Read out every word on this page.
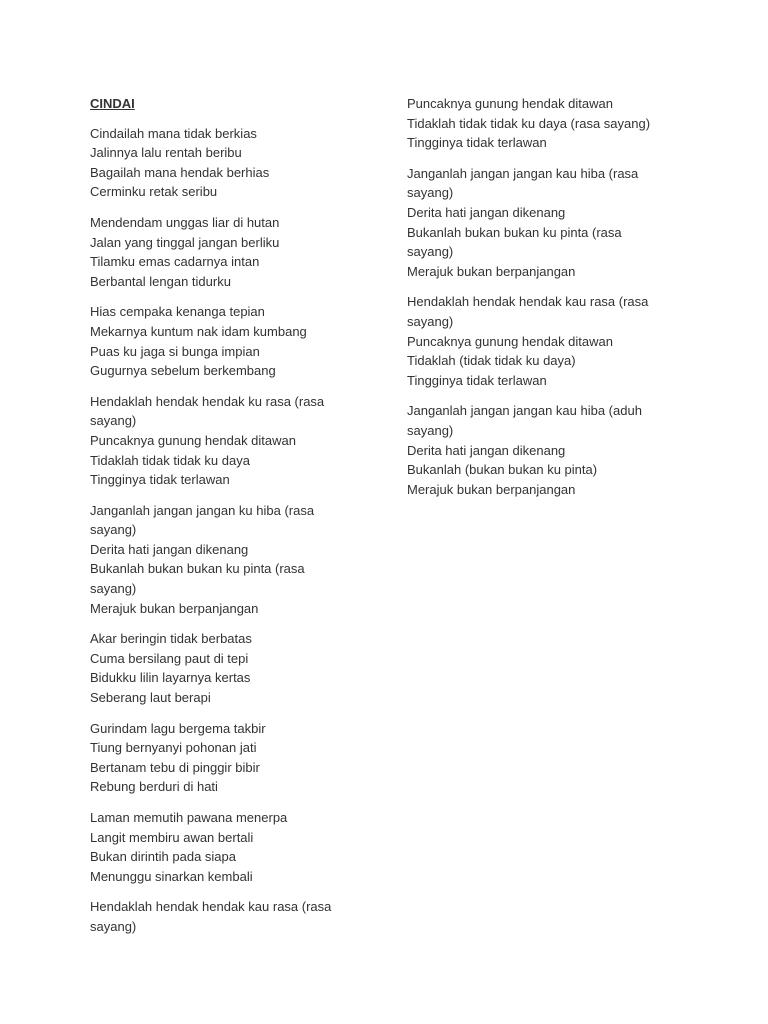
CINDAI
Cindailah mana tidak berkias
Jalinnya lalu rentah beribu
Bagailah mana hendak berhias
Cerminku retak seribu
Mendendam unggas liar di hutan
Jalan yang tinggal jangan berliku
Tilamku emas cadarnya intan
Berbantal lengan tidurku
Hias cempaka kenanga tepian
Mekarnya kuntum nak idam kumbang
Puas ku jaga si bunga impian
Gugurnya sebelum berkembang
Hendaklah hendak hendak ku rasa (rasa sayang)
Puncaknya gunung hendak ditawan
Tidaklah tidak tidak ku daya
Tingginya tidak terlawan
Janganlah jangan jangan ku hiba (rasa sayang)
Derita hati jangan dikenang
Bukanlah bukan bukan ku pinta (rasa sayang)
Merajuk bukan berpanjangan
Akar beringin tidak berbatas
Cuma bersilang paut di tepi
Bidukku lilin layarnya kertas
Seberang laut berapi
Gurindam lagu bergema takbir
Tiung bernyanyi pohonan jati
Bertanam tebu di pinggir bibir
Rebung berduri di hati
Laman memutih pawana menerpa
Langit membiru awan bertali
Bukan dirintih pada siapa
Menunggu sinarkan kembali
Hendaklah hendak hendak kau rasa (rasa sayang)
Puncaknya gunung hendak ditawan
Tidaklah tidak tidak ku daya (rasa sayang)
Tingginya tidak terlawan
Janganlah jangan jangan kau hiba (rasa sayang)
Derita hati jangan dikenang
Bukanlah bukan bukan ku pinta (rasa sayang)
Merajuk bukan berpanjangan
Hendaklah hendak hendak kau rasa (rasa sayang)
Puncaknya gunung hendak ditawan
Tidaklah (tidak tidak ku daya)
Tingginya tidak terlawan
Janganlah jangan jangan kau hiba (aduh sayang)
Derita hati jangan dikenang
Bukanlah (bukan bukan ku pinta)
Merajuk bukan berpanjangan
